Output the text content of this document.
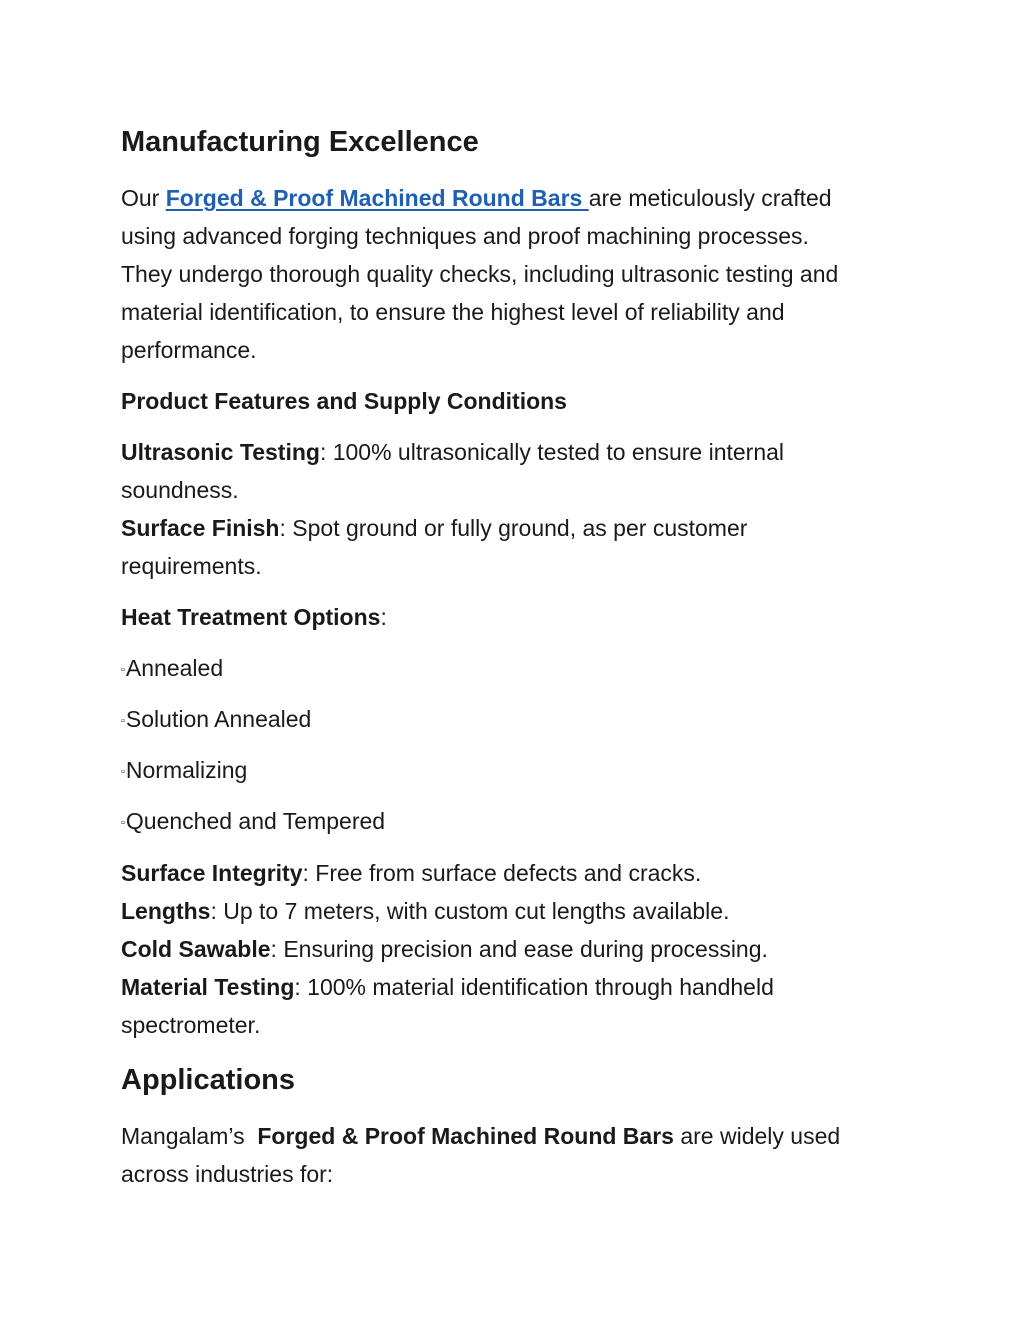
Manufacturing Excellence
Our Forged & Proof Machined Round Bars are meticulously crafted
using advanced forging techniques and proof machining processes.
They undergo thorough quality checks, including ultrasonic testing and
material identification, to ensure the highest level of reliability and
performance.
Product Features and Supply Conditions
Ultrasonic Testing: 100% ultrasonically tested to ensure internal
soundness.
Surface Finish: Spot ground or fully ground, as per customer
requirements.
Heat Treatment Options:
▫Annealed
▫Solution Annealed
▫Normalizing
▫Quenched and Tempered
Surface Integrity: Free from surface defects and cracks.
Lengths: Up to 7 meters, with custom cut lengths available.
Cold Sawable: Ensuring precision and ease during processing.
Material Testing: 100% material identification through handheld
spectrometer.
Applications
Mangalam’s  Forged & Proof Machined Round Bars are widely used
across industries for:
